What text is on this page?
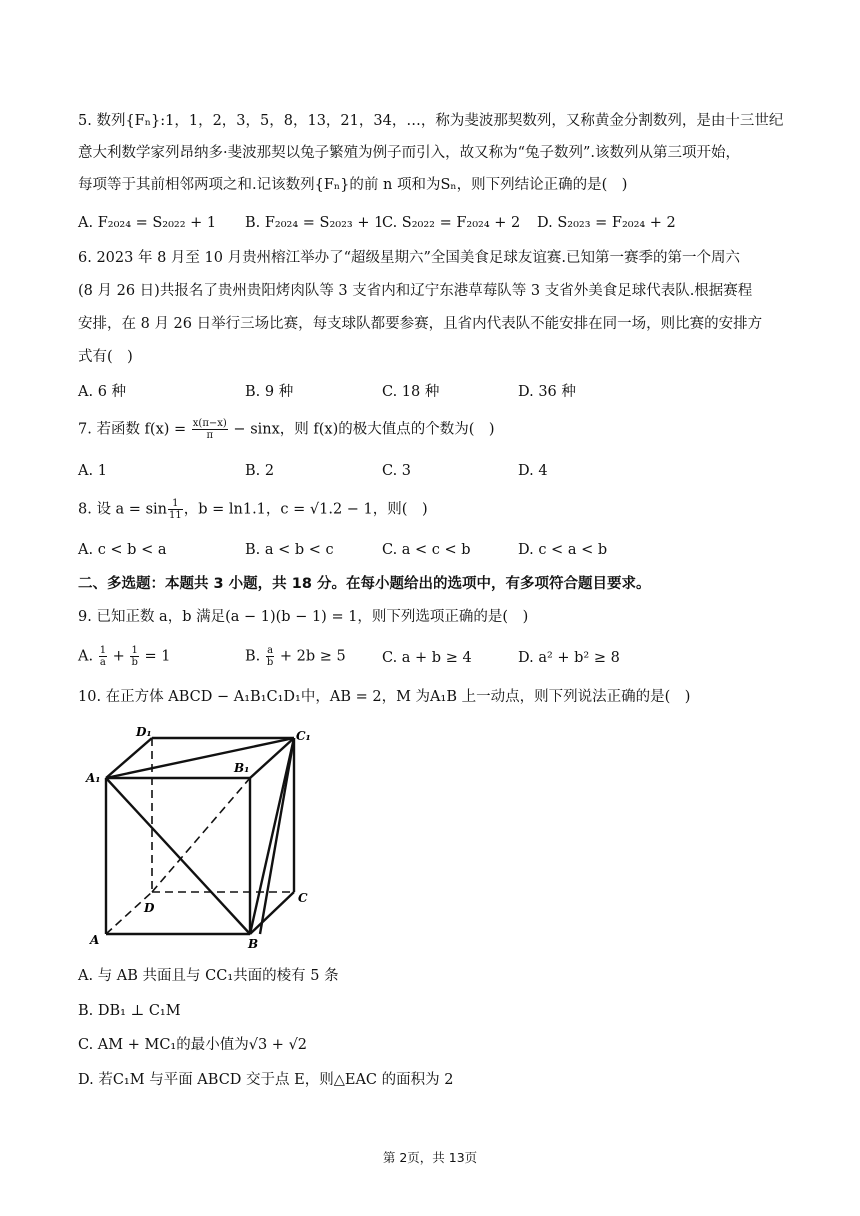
5. 数列{Fₙ}:1，1，2，3，5，8，13，21，34，…，称为斐波那契数列，又称黄金分割数列，是由十三世纪
意大利数学家列昂纳多·斐波那契以兔子繁殖为例子而引入，故又称为“兔子数列”.该数列从第三项开始，
每项等于其前相邻两项之和.记该数列{Fₙ}的前 n 项和为Sₙ，则下列结论正确的是(　)
A. F₂₀₂₄ = S₂₀₂₂ + 1 B. F₂₀₂₄ = S₂₀₂₃ + 1
C. S₂₀₂₂ = F₂₀₂₄ + 2 D. S₂₀₂₃ = F₂₀₂₄ + 2
6. 2023 年 8 月至 10 月贵州榕江举办了“超级星期六”全国美食足球友谊赛.已知第一赛季的第一个周六
(8 月 26 日)共报名了贵州贵阳烤肉队等 3 支省内和辽宁东港草莓队等 3 支省外美食足球代表队.根据赛程
安排，在 8 月 26 日举行三场比赛，每支球队都要参赛，且省内代表队不能安排在同一场，则比赛的安排方
式有(　)
A. 6 种	B. 9 种	C. 18 种	D. 36 种
7. 若函数 $f(x) = \frac{x(\pi-x)}{\pi} - \sin x$，则 f(x)的极大值点的个数为(　)
A. 1	B. 2	C. 3	D. 4
8. 设 $a = \sin \frac{1}{11}$ ，b = ln1.1，c = √1.2 − 1，则(　)
A. c < b < a	B. a < b < c	C. a < c < b	D. c < a < b
二、多选题：本题共 3 小题，共 18 分。在每小题给出的选项中，有多项符合题目要求。
9. 已知正数 a，b 满足(a − 1)(b − 1) = 1，则下列选项正确的是(　)
A. $\frac{1}{a} + \frac{1}{b} = 1$	B. $\frac{a}{b} + 2b \ge 5$	C. a + b ≥ 4	D. a² + b² ≥ 8
10. 在正方体 ABCD − A₁B₁C₁D₁中，AB = 2，M 为A₁B 上一动点，则下列说法正确的是(　)
D₁	C₁
A₁
B₁
D
C
A	B
A. 与 AB 共面且与 CC₁共面的棱有 5 条
B. DB₁ ⊥ C₁M
C. AM + MC₁的最小值为√3 + √2
D. 若C₁M 与平面 ABCD 交于点 E，则△EAC 的面积为 2
第 2页，共 13页
